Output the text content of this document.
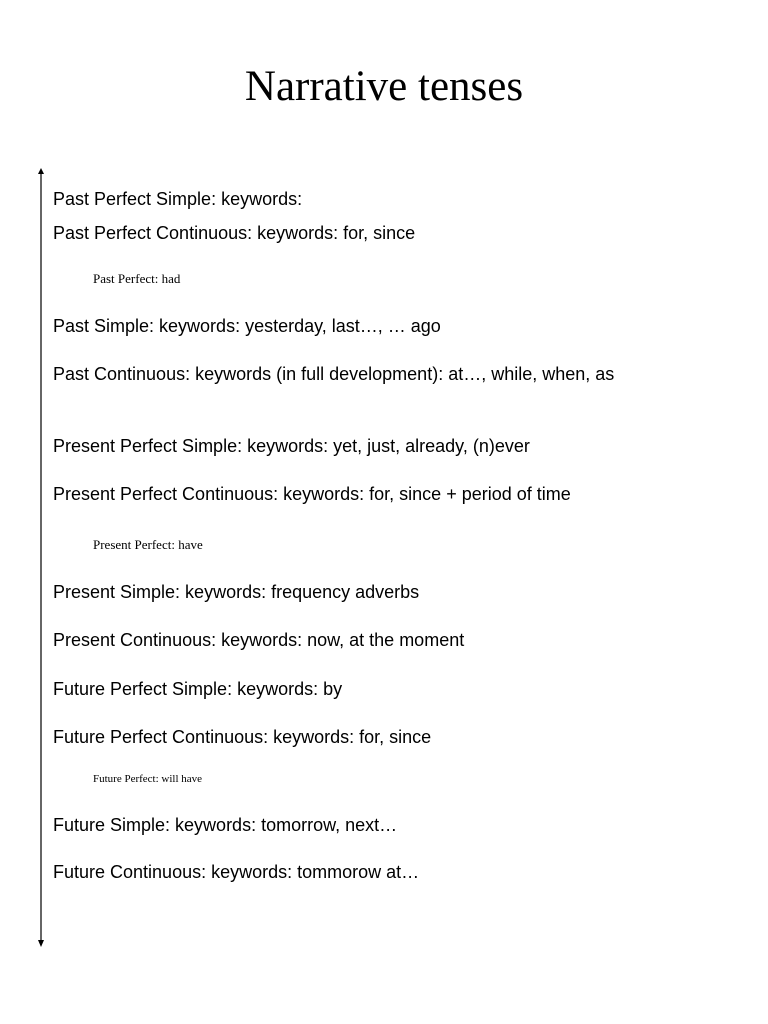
Narrative tenses
Past Perfect Simple: keywords:
Past Perfect Continuous: keywords: for, since
Past Perfect: had
Past Simple: keywords: yesterday, last…, … ago
Past Continuous: keywords (in full development): at…, while, when, as
Present Perfect Simple: keywords: yet, just, already, (n)ever
Present Perfect Continuous: keywords: for, since + period of time
Present Perfect: have
Present Simple: keywords: frequency adverbs
Present Continuous: keywords: now, at the moment
Future Perfect Simple: keywords: by
Future Perfect Continuous: keywords: for, since
Future Perfect: will have
Future Simple: keywords: tomorrow, next…
Future Continuous: keywords: tommorow at…
